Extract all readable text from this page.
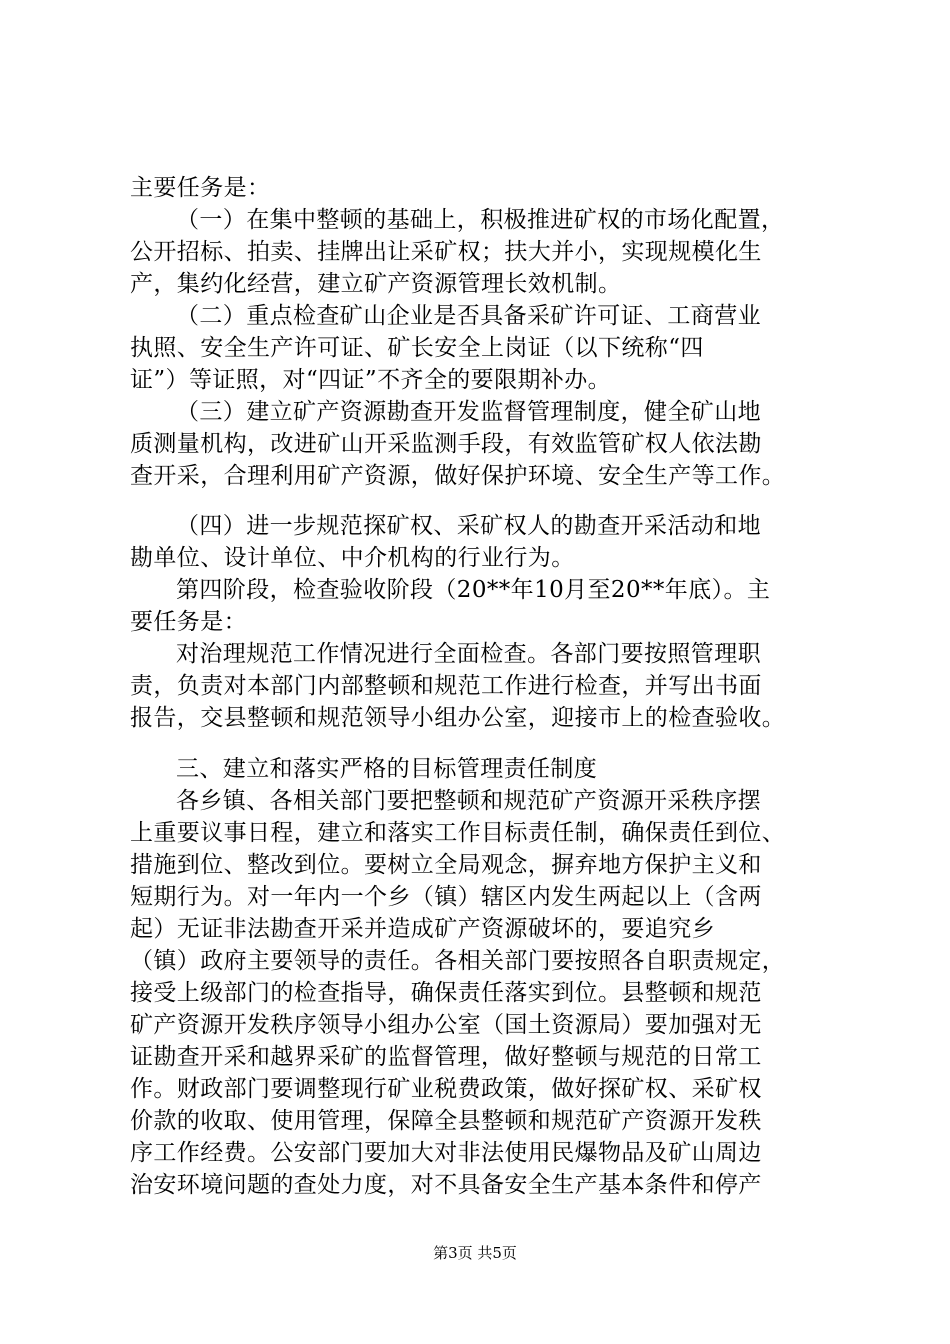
主要任务是：
（一）在集中整顿的基础上，积极推进矿权的市场化配置，
公开招标、拍卖、挂牌出让采矿权；扶大并小，实现规模化生
产，集约化经营，建立矿产资源管理长效机制。
（二）重点检查矿山企业是否具备采矿许可证、工商营业
执照、安全生产许可证、矿长安全上岗证（以下统称“四
证”）等证照，对“四证”不齐全的要限期补办。
（三）建立矿产资源勘查开发监督管理制度，健全矿山地
质测量机构，改进矿山开采监测手段，有效监管矿权人依法勘
查开采，合理利用矿产资源，做好保护环境、安全生产等工作。
（四）进一步规范探矿权、采矿权人的勘查开采活动和地
勘单位、设计单位、中介机构的行业行为。
第四阶段，检查验收阶段（20**年10月至20**年底）。主
要任务是：
对治理规范工作情况进行全面检查。各部门要按照管理职
责，负责对本部门内部整顿和规范工作进行检查，并写出书面
报告，交县整顿和规范领导小组办公室，迎接市上的检查验收。
三、建立和落实严格的目标管理责任制度
各乡镇、各相关部门要把整顿和规范矿产资源开采秩序摆
上重要议事日程，建立和落实工作目标责任制，确保责任到位、
措施到位、整改到位。要树立全局观念，摒弃地方保护主义和
短期行为。对一年内一个乡（镇）辖区内发生两起以上（含两
起）无证非法勘查开采并造成矿产资源破坏的，要追究乡
（镇）政府主要领导的责任。各相关部门要按照各自职责规定，
接受上级部门的检查指导，确保责任落实到位。县整顿和规范
矿产资源开发秩序领导小组办公室（国土资源局）要加强对无
证勘查开采和越界采矿的监督管理，做好整顿与规范的日常工
作。财政部门要调整现行矿业税费政策，做好探矿权、采矿权
价款的收取、使用管理，保障全县整顿和规范矿产资源开发秩
序工作经费。公安部门要加大对非法使用民爆物品及矿山周边
治安环境问题的查处力度，对不具备安全生产基本条件和停产
第3页 共5页
